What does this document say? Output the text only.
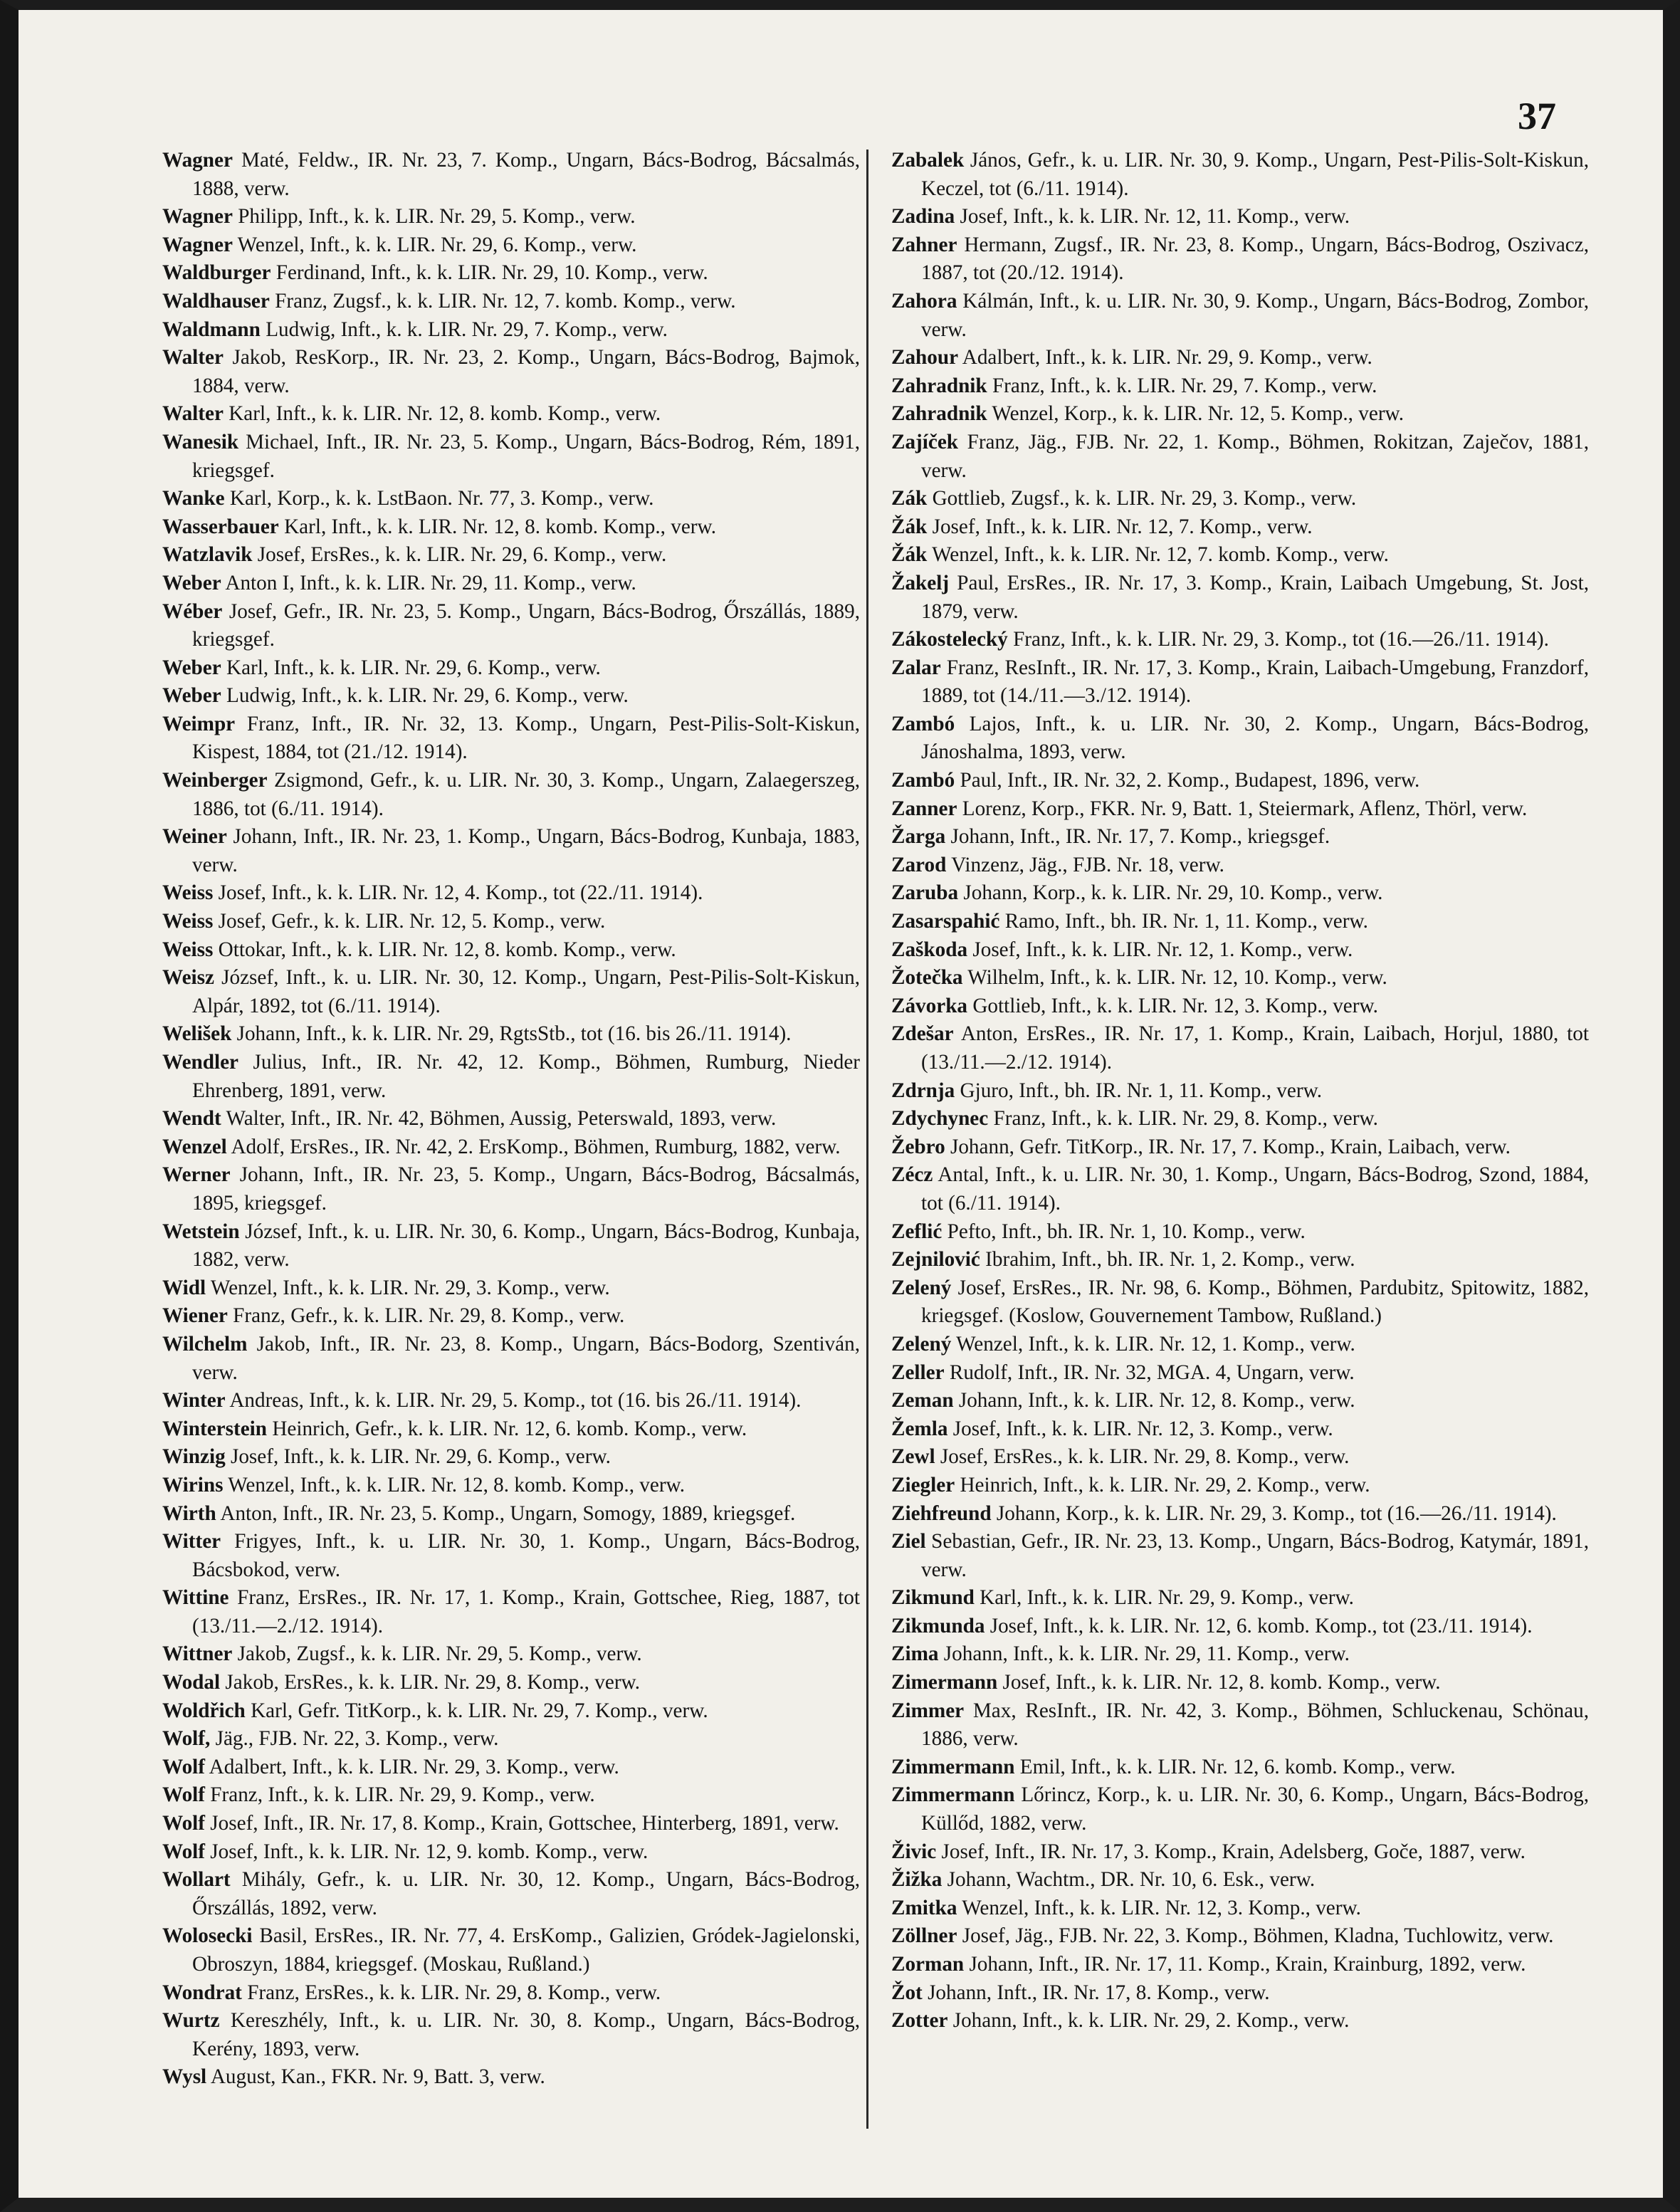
37
Wagner Maté, Feldw., IR. Nr. 23, 7. Komp., Ungarn, Bács-Bodrog, Bácsalmás, 1888, verw.
Wagner Philipp, Inft., k. k. LIR. Nr. 29, 5. Komp., verw.
Wagner Wenzel, Inft., k. k. LIR. Nr. 29, 6. Komp., verw.
Waldburger Ferdinand, Inft., k. k. LIR. Nr. 29, 10. Komp., verw.
Waldhauser Franz, Zugsf., k. k. LIR. Nr. 12, 7. komb. Komp., verw.
Waldmann Ludwig, Inft., k. k. LIR. Nr. 29, 7. Komp., verw.
Walter Jakob, ResKorp., IR. Nr. 23, 2. Komp., Ungarn, Bács-Bodrog, Bajmok, 1884, verw.
Walter Karl, Inft., k. k. LIR. Nr. 12, 8. komb. Komp., verw.
Wanesik Michael, Inft., IR. Nr. 23, 5. Komp., Ungarn, Bács-Bodrog, Rém, 1891, kriegsgef.
Wanke Karl, Korp., k. k. LstBaon. Nr. 77, 3. Komp., verw.
Wasserbauer Karl, Inft., k. k. LIR. Nr. 12, 8. komb. Komp., verw.
Watzlavik Josef, ErsRes., k. k. LIR. Nr. 29, 6. Komp., verw.
Weber Anton I, Inft., k. k. LIR. Nr. 29, 11. Komp., verw.
Wéber Josef, Gefr., IR. Nr. 23, 5. Komp., Ungarn, Bács-Bodrog, Őrszállás, 1889, kriegsgef.
Weber Karl, Inft., k. k. LIR. Nr. 29, 6. Komp., verw.
Weber Ludwig, Inft., k. k. LIR. Nr. 29, 6. Komp., verw.
Weimpr Franz, Inft., IR. Nr. 32, 13. Komp., Ungarn, Pest-Pilis-Solt-Kiskun, Kispest, 1884, tot (21./12. 1914).
Weinberger Zsigmond, Gefr., k. u. LIR. Nr. 30, 3. Komp., Ungarn, Zalaegerszeg, 1886, tot (6./11. 1914).
Weiner Johann, Inft., IR. Nr. 23, 1. Komp., Ungarn, Bács-Bodrog, Kunbaja, 1883, verw.
Weiss Josef, Inft., k. k. LIR. Nr. 12, 4. Komp., tot (22./11. 1914).
Weiss Josef, Gefr., k. k. LIR. Nr. 12, 5. Komp., verw.
Weiss Ottokar, Inft., k. k. LIR. Nr. 12, 8. komb. Komp., verw.
Weisz József, Inft., k. u. LIR. Nr. 30, 12. Komp., Ungarn, Pest-Pilis-Solt-Kiskun, Alpár, 1892, tot (6./11. 1914).
Welišek Johann, Inft., k. k. LIR. Nr. 29, RgtsStb., tot (16. bis 26./11. 1914).
Wendler Julius, Inft., IR. Nr. 42, 12. Komp., Böhmen, Rumburg, Nieder Ehrenberg, 1891, verw.
Wendt Walter, Inft., IR. Nr. 42, Böhmen, Aussig, Peterswald, 1893, verw.
Wenzel Adolf, ErsRes., IR. Nr. 42, 2. ErsKomp., Böhmen, Rumburg, 1882, verw.
Werner Johann, Inft., IR. Nr. 23, 5. Komp., Ungarn, Bács-Bodrog, Bácsalmás, 1895, kriegsgef.
Wetstein József, Inft., k. u. LIR. Nr. 30, 6. Komp., Ungarn, Bács-Bodrog, Kunbaja, 1882, verw.
Widl Wenzel, Inft., k. k. LIR. Nr. 29, 3. Komp., verw.
Wiener Franz, Gefr., k. k. LIR. Nr. 29, 8. Komp., verw.
Wilchelm Jakob, Inft., IR. Nr. 23, 8. Komp., Ungarn, Bács-Bodorg, Szentiván, verw.
Winter Andreas, Inft., k. k. LIR. Nr. 29, 5. Komp., tot (16. bis 26./11. 1914).
Winterstein Heinrich, Gefr., k. k. LIR. Nr. 12, 6. komb. Komp., verw.
Winzig Josef, Inft., k. k. LIR. Nr. 29, 6. Komp., verw.
Wirins Wenzel, Inft., k. k. LIR. Nr. 12, 8. komb. Komp., verw.
Wirth Anton, Inft., IR. Nr. 23, 5. Komp., Ungarn, Somogy, 1889, kriegsgef.
Witter Frigyes, Inft., k. u. LIR. Nr. 30, 1. Komp., Ungarn, Bács-Bodrog, Bácsbokod, verw.
Wittine Franz, ErsRes., IR. Nr. 17, 1. Komp., Krain, Gottschee, Rieg, 1887, tot (13./11.—2./12. 1914).
Wittner Jakob, Zugsf., k. k. LIR. Nr. 29, 5. Komp., verw.
Wodal Jakob, ErsRes., k. k. LIR. Nr. 29, 8. Komp., verw.
Woldřich Karl, Gefr. TitKorp., k. k. LIR. Nr. 29, 7. Komp., verw.
Wolf, Jäg., FJB. Nr. 22, 3. Komp., verw.
Wolf Adalbert, Inft., k. k. LIR. Nr. 29, 3. Komp., verw.
Wolf Franz, Inft., k. k. LIR. Nr. 29, 9. Komp., verw.
Wolf Josef, Inft., IR. Nr. 17, 8. Komp., Krain, Gottschee, Hinterberg, 1891, verw.
Wolf Josef, Inft., k. k. LIR. Nr. 12, 9. komb. Komp., verw.
Wollart Mihály, Gefr., k. u. LIR. Nr. 30, 12. Komp., Ungarn, Bács-Bodrog, Őrszállás, 1892, verw.
Wolosecki Basil, ErsRes., IR. Nr. 77, 4. ErsKomp., Galizien, Gródek-Jagielonski, Obroszyn, 1884, kriegsgef. (Moskau, Rußland.)
Wondrat Franz, ErsRes., k. k. LIR. Nr. 29, 8. Komp., verw.
Wurtz Kereszhély, Inft., k. u. LIR. Nr. 30, 8. Komp., Ungarn, Bács-Bodrog, Kerény, 1893, verw.
Wysl August, Kan., FKR. Nr. 9, Batt. 3, verw.
Zabalek János, Gefr., k. u. LIR. Nr. 30, 9. Komp., Ungarn, Pest-Pilis-Solt-Kiskun, Keczel, tot (6./11. 1914).
Zadina Josef, Inft., k. k. LIR. Nr. 12, 11. Komp., verw.
Zahner Hermann, Zugsf., IR. Nr. 23, 8. Komp., Ungarn, Bács-Bodrog, Oszivacz, 1887, tot (20./12. 1914).
Zahora Kálmán, Inft., k. u. LIR. Nr. 30, 9. Komp., Ungarn, Bács-Bodrog, Zombor, verw.
Zahour Adalbert, Inft., k. k. LIR. Nr. 29, 9. Komp., verw.
Zahradnik Franz, Inft., k. k. LIR. Nr. 29, 7. Komp., verw.
Zahradnik Wenzel, Korp., k. k. LIR. Nr. 12, 5. Komp., verw.
Zajíček Franz, Jäg., FJB. Nr. 22, 1. Komp., Böhmen, Rokitzan, Zaječov, 1881, verw.
Zák Gottlieb, Zugsf., k. k. LIR. Nr. 29, 3. Komp., verw.
Žák Josef, Inft., k. k. LIR. Nr. 12, 7. Komp., verw.
Žák Wenzel, Inft., k. k. LIR. Nr. 12, 7. komb. Komp., verw.
Žakelj Paul, ErsRes., IR. Nr. 17, 3. Komp., Krain, Laibach Umgebung, St. Jost, 1879, verw.
Zákostelecký Franz, Inft., k. k. LIR. Nr. 29, 3. Komp., tot (16.—26./11. 1914).
Zalar Franz, ResInft., IR. Nr. 17, 3. Komp., Krain, Laibach-Umgebung, Franzdorf, 1889, tot (14./11.—3./12. 1914).
Zambó Lajos, Inft., k. u. LIR. Nr. 30, 2. Komp., Ungarn, Bács-Bodrog, Jánoshalma, 1893, verw.
Zambó Paul, Inft., IR. Nr. 32, 2. Komp., Budapest, 1896, verw.
Zanner Lorenz, Korp., FKR. Nr. 9, Batt. 1, Steiermark, Aflenz, Thörl, verw.
Žarga Johann, Inft., IR. Nr. 17, 7. Komp., kriegsgef.
Zarod Vinzenz, Jäg., FJB. Nr. 18, verw.
Zaruba Johann, Korp., k. k. LIR. Nr. 29, 10. Komp., verw.
Zasarspahić Ramo, Inft., bh. IR. Nr. 1, 11. Komp., verw.
Zaškoda Josef, Inft., k. k. LIR. Nr. 12, 1. Komp., verw.
Žotečka Wilhelm, Inft., k. k. LIR. Nr. 12, 10. Komp., verw.
Závorka Gottlieb, Inft., k. k. LIR. Nr. 12, 3. Komp., verw.
Zdešar Anton, ErsRes., IR. Nr. 17, 1. Komp., Krain, Laibach, Horjul, 1880, tot (13./11.—2./12. 1914).
Zdrnja Gjuro, Inft., bh. IR. Nr. 1, 11. Komp., verw.
Zdychynec Franz, Inft., k. k. LIR. Nr. 29, 8. Komp., verw.
Žebro Johann, Gefr. TitKorp., IR. Nr. 17, 7. Komp., Krain, Laibach, verw.
Zécz Antal, Inft., k. u. LIR. Nr. 30, 1. Komp., Ungarn, Bács-Bodrog, Szond, 1884, tot (6./11. 1914).
Zeflić Pefto, Inft., bh. IR. Nr. 1, 10. Komp., verw.
Zejnilović Ibrahim, Inft., bh. IR. Nr. 1, 2. Komp., verw.
Zelený Josef, ErsRes., IR. Nr. 98, 6. Komp., Böhmen, Pardubitz, Spitowitz, 1882, kriegsgef. (Koslow, Gouvernement Tambow, Rußland.)
Zelený Wenzel, Inft., k. k. LIR. Nr. 12, 1. Komp., verw.
Zeller Rudolf, Inft., IR. Nr. 32, MGA. 4, Ungarn, verw.
Zeman Johann, Inft., k. k. LIR. Nr. 12, 8. Komp., verw.
Žemla Josef, Inft., k. k. LIR. Nr. 12, 3. Komp., verw.
Zewl Josef, ErsRes., k. k. LIR. Nr. 29, 8. Komp., verw.
Ziegler Heinrich, Inft., k. k. LIR. Nr. 29, 2. Komp., verw.
Ziehfreund Johann, Korp., k. k. LIR. Nr. 29, 3. Komp., tot (16.—26./11. 1914).
Ziel Sebastian, Gefr., IR. Nr. 23, 13. Komp., Ungarn, Bács-Bodrog, Katymár, 1891, verw.
Zikmund Karl, Inft., k. k. LIR. Nr. 29, 9. Komp., verw.
Zikmunda Josef, Inft., k. k. LIR. Nr. 12, 6. komb. Komp., tot (23./11. 1914).
Zima Johann, Inft., k. k. LIR. Nr. 29, 11. Komp., verw.
Zimermann Josef, Inft., k. k. LIR. Nr. 12, 8. komb. Komp., verw.
Zimmer Max, ResInft., IR. Nr. 42, 3. Komp., Böhmen, Schluckenau, Schönau, 1886, verw.
Zimmermann Emil, Inft., k. k. LIR. Nr. 12, 6. komb. Komp., verw.
Zimmermann Lőrincz, Korp., k. u. LIR. Nr. 30, 6. Komp., Ungarn, Bács-Bodrog, Küllőd, 1882, verw.
Živic Josef, Inft., IR. Nr. 17, 3. Komp., Krain, Adelsberg, Goče, 1887, verw.
Žižka Johann, Wachtm., DR. Nr. 10, 6. Esk., verw.
Zmitka Wenzel, Inft., k. k. LIR. Nr. 12, 3. Komp., verw.
Zöllner Josef, Jäg., FJB. Nr. 22, 3. Komp., Böhmen, Kladna, Tuchlowitz, verw.
Zorman Johann, Inft., IR. Nr. 17, 11. Komp., Krain, Krainburg, 1892, verw.
Žot Johann, Inft., IR. Nr. 17, 8. Komp., verw.
Zotter Johann, Inft., k. k. LIR. Nr. 29, 2. Komp., verw.
